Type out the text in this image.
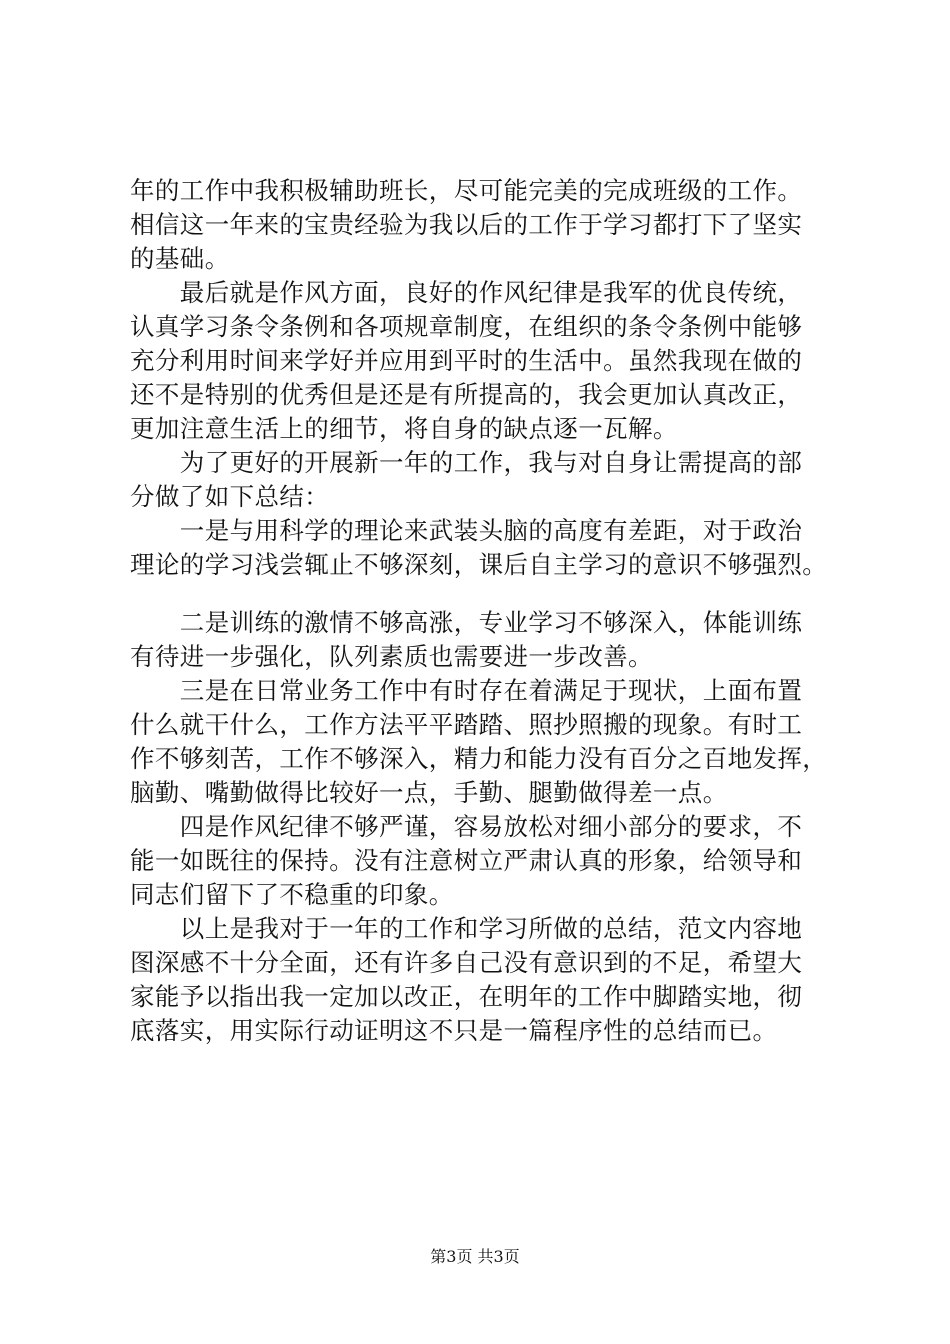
年的工作中我积极辅助班长，尽可能完美的完成班级的工作。
相信这一年来的宝贵经验为我以后的工作于学习都打下了坚实
的基础。
　　最后就是作风方面，良好的作风纪律是我军的优良传统，
认真学习条令条例和各项规章制度，在组织的条令条例中能够
充分利用时间来学好并应用到平时的生活中。虽然我现在做的
还不是特别的优秀但是还是有所提高的，我会更加认真改正，
更加注意生活上的细节，将自身的缺点逐一瓦解。
　　为了更好的开展新一年的工作，我与对自身让需提高的部
分做了如下总结：
　　一是与用科学的理论来武装头脑的高度有差距，对于政治
理论的学习浅尝辄止不够深刻，课后自主学习的意识不够强烈。
　　二是训练的激情不够高涨，专业学习不够深入，体能训练
有待进一步强化，队列素质也需要进一步改善。
　　三是在日常业务工作中有时存在着满足于现状，上面布置
什么就干什么，工作方法平平踏踏、照抄照搬的现象。有时工
作不够刻苦，工作不够深入，精力和能力没有百分之百地发挥，
脑勤、嘴勤做得比较好一点，手勤、腿勤做得差一点。
　　四是作风纪律不够严谨，容易放松对细小部分的要求，不
能一如既往的保持。没有注意树立严肃认真的形象，给领导和
同志们留下了不稳重的印象。
　　以上是我对于一年的工作和学习所做的总结，范文内容地
图深感不十分全面，还有许多自己没有意识到的不足，希望大
家能予以指出我一定加以改正，在明年的工作中脚踏实地，彻
底落实，用实际行动证明这不只是一篇程序性的总结而已。
第3页 共3页
